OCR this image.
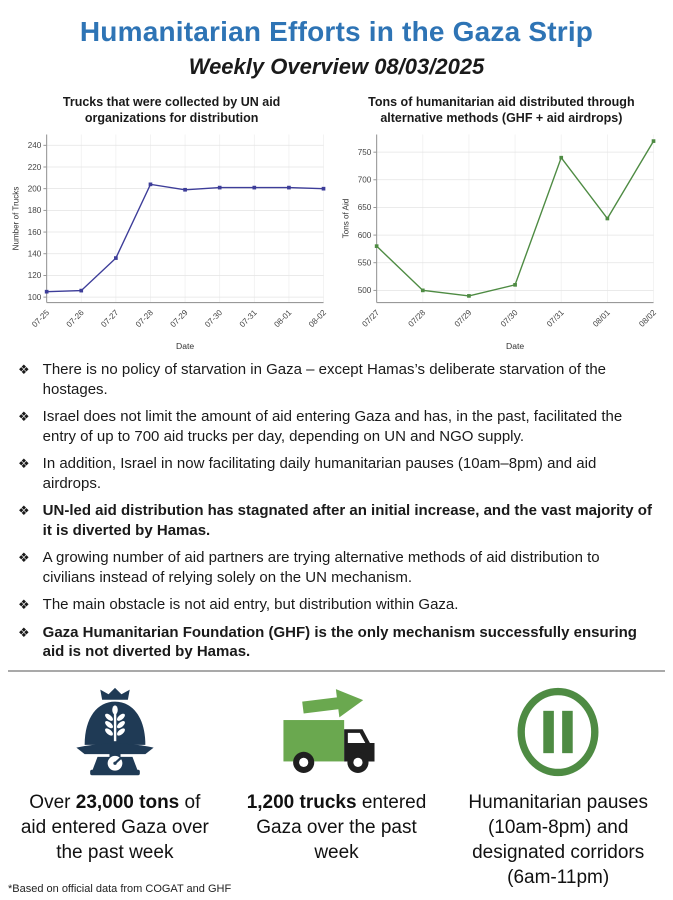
Humanitarian Efforts in the Gaza Strip
Weekly Overview 08/03/2025
Trucks that were collected by UN aid organizations for distribution
100
120
140
160
180
200
220
240
07-25 07-26 07-27 07-28 07-29 07-30 07-31 08-01 08-02
Date
Number of Trucks
Tons of humanitarian aid distributed through alternative methods (GHF + aid airdrops)
500
550
600
650
700
750
07/27	07/28	07/29	07/30	07/31	08/01	08/02
Date
Tons of Aid
❖ There is no policy of starvation in Gaza – except Hamas’s deliberate starvation of the hostages.
❖ Israel does not limit the amount of aid entering Gaza and has, in the past, facilitated the entry of up to 700 aid trucks per day, depending on UN and NGO supply.
❖ In addition, Israel in now facilitating daily humanitarian pauses (10am–8pm) and aid airdrops.
❖ UN-led aid distribution has stagnated after an initial increase, and the vast majority of it is diverted by Hamas.
❖ A growing number of aid partners are trying alternative methods of aid distribution to civilians instead of relying solely on the UN mechanism.
❖ The main obstacle is not aid entry, but distribution within Gaza.
❖ Gaza Humanitarian Foundation (GHF) is the only mechanism successfully ensuring aid is not diverted by Hamas.

Over 23,000 tons of aid entered Gaza over the past week

1,200 trucks entered Gaza over the past week

Humanitarian pauses (10am-8pm) and designated corridors (6am-11pm)

*Based on official data from COGAT and GHF
